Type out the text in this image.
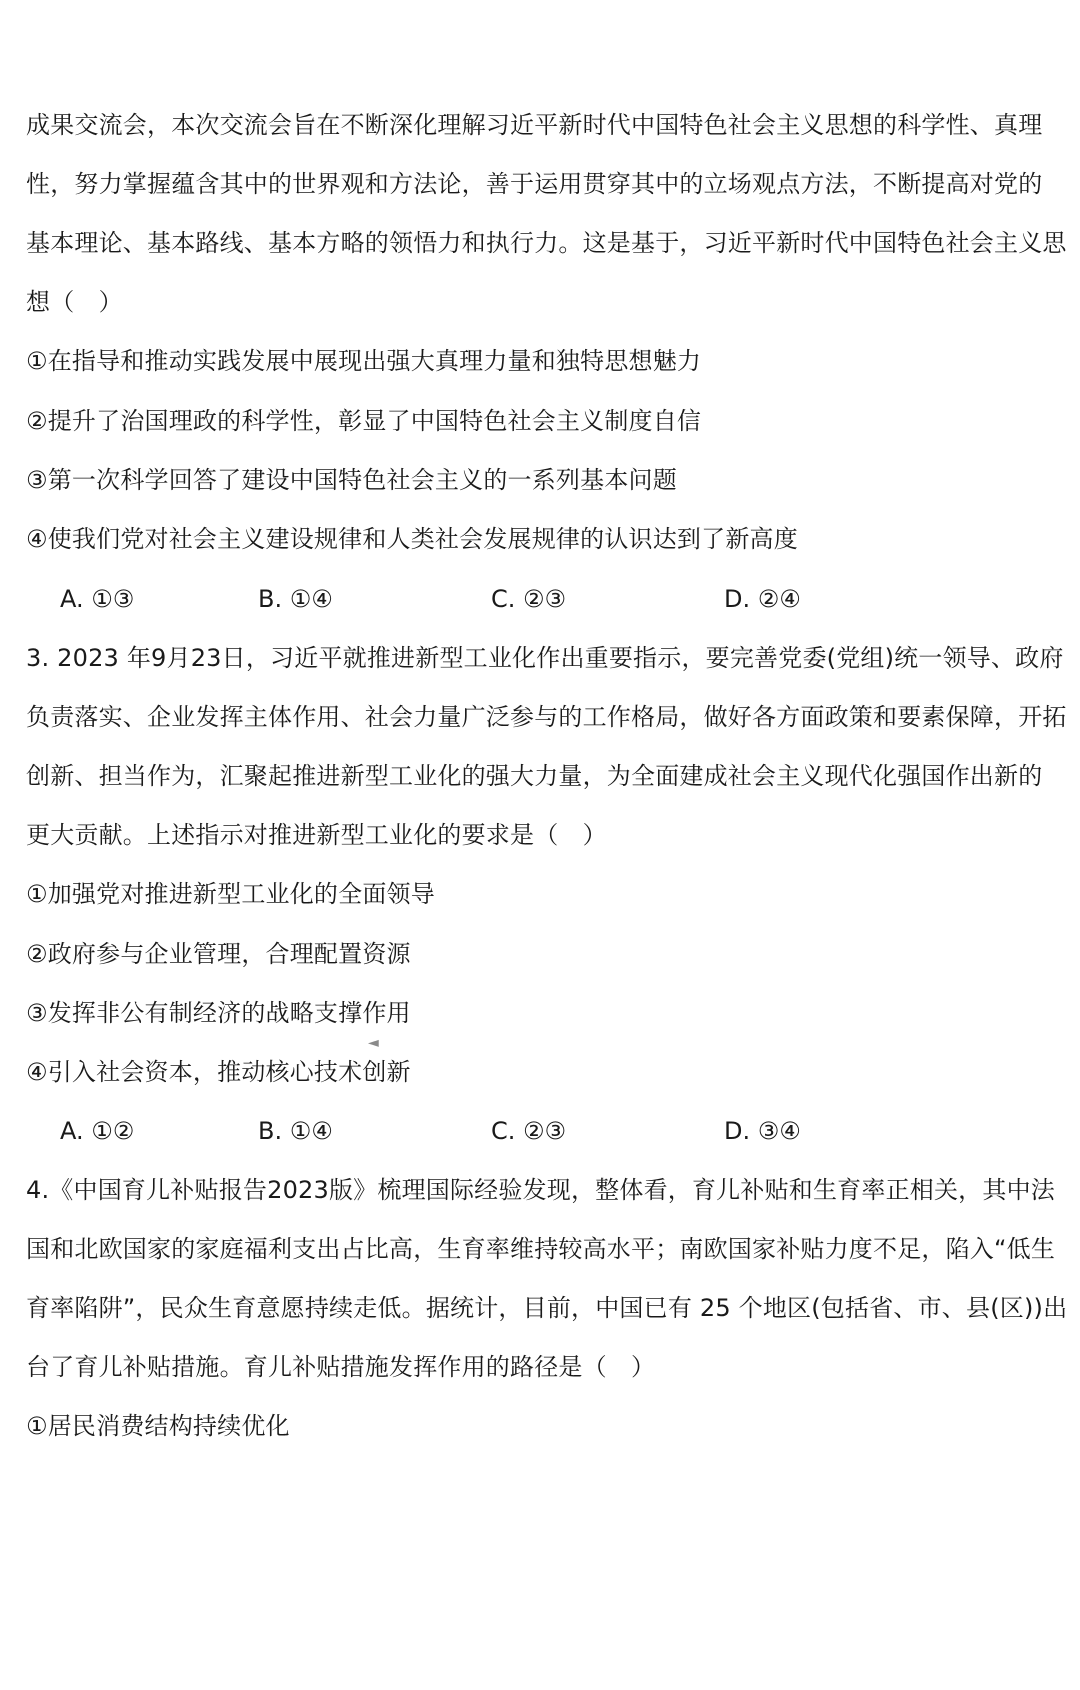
成果交流会，本次交流会旨在不断深化理解习近平新时代中国特色社会主义思想的科学性、真理
性，努力掌握蕴含其中的世界观和方法论，善于运用贯穿其中的立场观点方法，不断提高对党的
基本理论、基本路线、基本方略的领悟力和执行力。这是基于，习近平新时代中国特色社会主义思
想（　）
①在指导和推动实践发展中展现出强大真理力量和独特思想魅力
②提升了治国理政的科学性，彰显了中国特色社会主义制度自信
③第一次科学回答了建设中国特色社会主义的一系列基本问题
④使我们党对社会主义建设规律和人类社会发展规律的认识达到了新高度
A. ①③	B. ①④	C. ②③	D. ②④
3. 2023 年9月23日，习近平就推进新型工业化作出重要指示，要完善党委(党组)统一领导、政府
负责落实、企业发挥主体作用、社会力量广泛参与的工作格局，做好各方面政策和要素保障，开拓
创新、担当作为，汇聚起推进新型工业化的强大力量，为全面建成社会主义现代化强国作出新的
更大贡献。上述指示对推进新型工业化的要求是（　）
①加强党对推进新型工业化的全面领导
②政府参与企业管理，合理配置资源
③发挥非公有制经济的战略支撑作用
④引入社会资本，推动核心技术创新
◄
A. ①②	B. ①④	C. ②③	D. ③④
4.《中国育儿补贴报告2023版》梳理国际经验发现，整体看，育儿补贴和生育率正相关，其中法
国和北欧国家的家庭福利支出占比高，生育率维持较高水平；南欧国家补贴力度不足，陷入“低生
育率陷阱”，民众生育意愿持续走低。据统计，目前，中国已有 25 个地区(包括省、市、县(区))出
台了育儿补贴措施。育儿补贴措施发挥作用的路径是（　）
①居民消费结构持续优化
